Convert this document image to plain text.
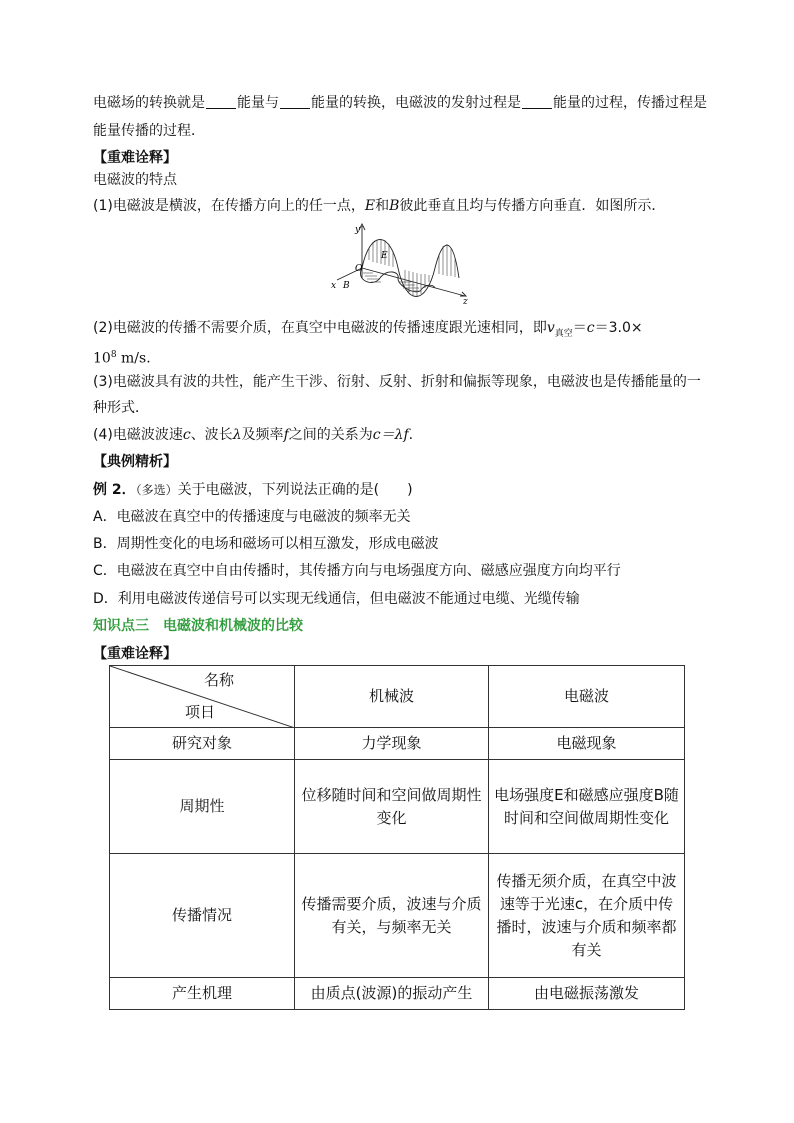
电磁场的转换就是 能量与 能量的转换，电磁波的发射过程是 能量的过程，传播过程是
能量传播的过程．
【重难诠释】
电磁波的特点
(1)电磁波是横波，在传播方向上的任一点，E和B彼此垂直且均与传播方向垂直．如图所示．
y
O
E
x B
z
(2)电磁波的传播不需要介质，在真空中电磁波的传播速度跟光速相同，即$v_{真空}=c=3.0\times$
$10^8$ m/s.
(3)电磁波具有波的共性，能产生干涉、衍射、反射、折射和偏振等现象，电磁波也是传播能量的一
种形式．
(4)电磁波波速c、波长λ及频率f之间的关系为c＝λf.
【典例精析】
例 2．（多选）关于电磁波，下列说法正确的是(　　)
A．电磁波在真空中的传播速度与电磁波的频率无关
B．周期性变化的电场和磁场可以相互激发，形成电磁波
C．电磁波在真空中自由传播时，其传播方向与电场强度方向、磁感应强度方向均平行
D．利用电磁波传递信号可以实现无线通信，但电磁波不能通过电缆、光缆传输
知识点三　电磁波和机械波的比较
【重难诠释】
名称
项日	机械波	电磁波
研究对象	力学现象	电磁现象
周期性	位移随时间和空间做周期性变化	电场强度E和磁感应强度B随时间和空间做周期性变化
传播情况	传播需要介质，波速与介质有关，与频率无关	传播无须介质，在真空中波速等于光速c，在介质中传播时，波速与介质和频率都有关
产生机理	由质点(波源)的振动产生	由电磁振荡激发
